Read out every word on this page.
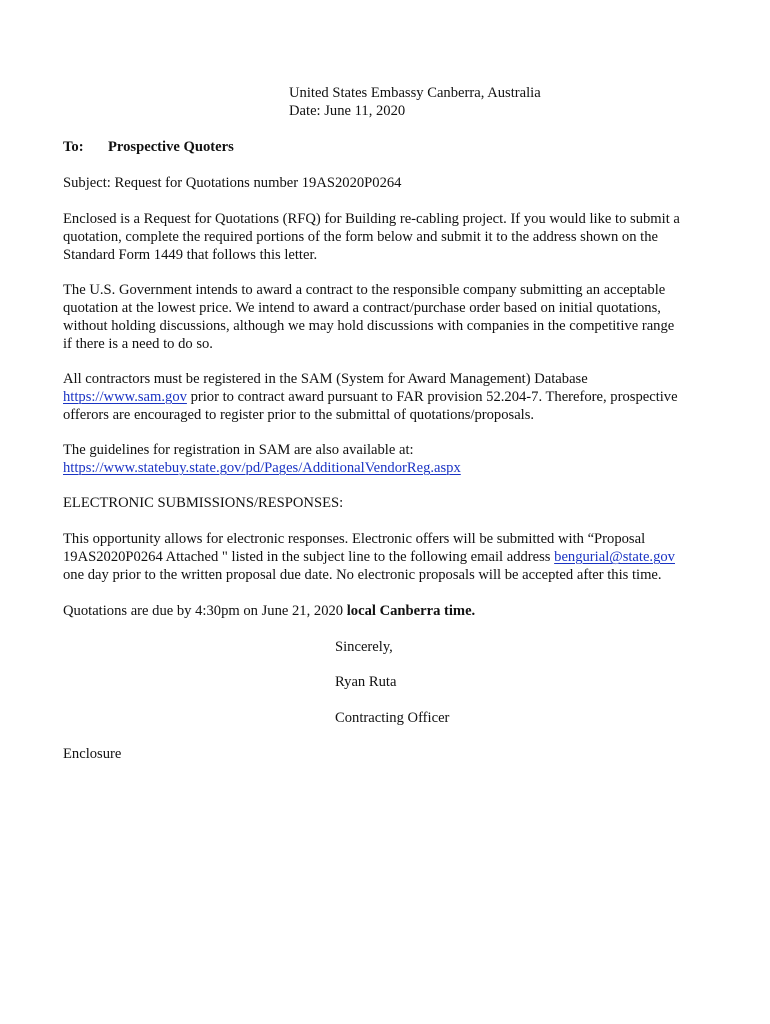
United States Embassy Canberra, Australia
Date: June 11, 2020
To: Prospective Quoters
Subject: Request for Quotations number 19AS2020P0264
Enclosed is a Request for Quotations (RFQ) for Building re-cabling project. If you would like to submit a
quotation, complete the required portions of the form below and submit it to the address shown on the
Standard Form 1449 that follows this letter.
The U.S. Government intends to award a contract to the responsible company submitting an acceptable
quotation at the lowest price. We intend to award a contract/purchase order based on initial quotations,
without holding discussions, although we may hold discussions with companies in the competitive range
if there is a need to do so.
All contractors must be registered in the SAM (System for Award Management) Database
https://www.sam.gov prior to contract award pursuant to FAR provision 52.204-7. Therefore, prospective
offerors are encouraged to register prior to the submittal of quotations/proposals.
The guidelines for registration in SAM are also available at:
https://www.statebuy.state.gov/pd/Pages/AdditionalVendorReg.aspx
ELECTRONIC SUBMISSIONS/RESPONSES:
This opportunity allows for electronic responses. Electronic offers will be submitted with “Proposal
19AS2020P0264 Attached " listed in the subject line to the following email address bengurial@state.gov
one day prior to the written proposal due date. No electronic proposals will be accepted after this time.
Quotations are due by 4:30pm on June 21, 2020 local Canberra time.
Sincerely,
Ryan Ruta
Contracting Officer
Enclosure
